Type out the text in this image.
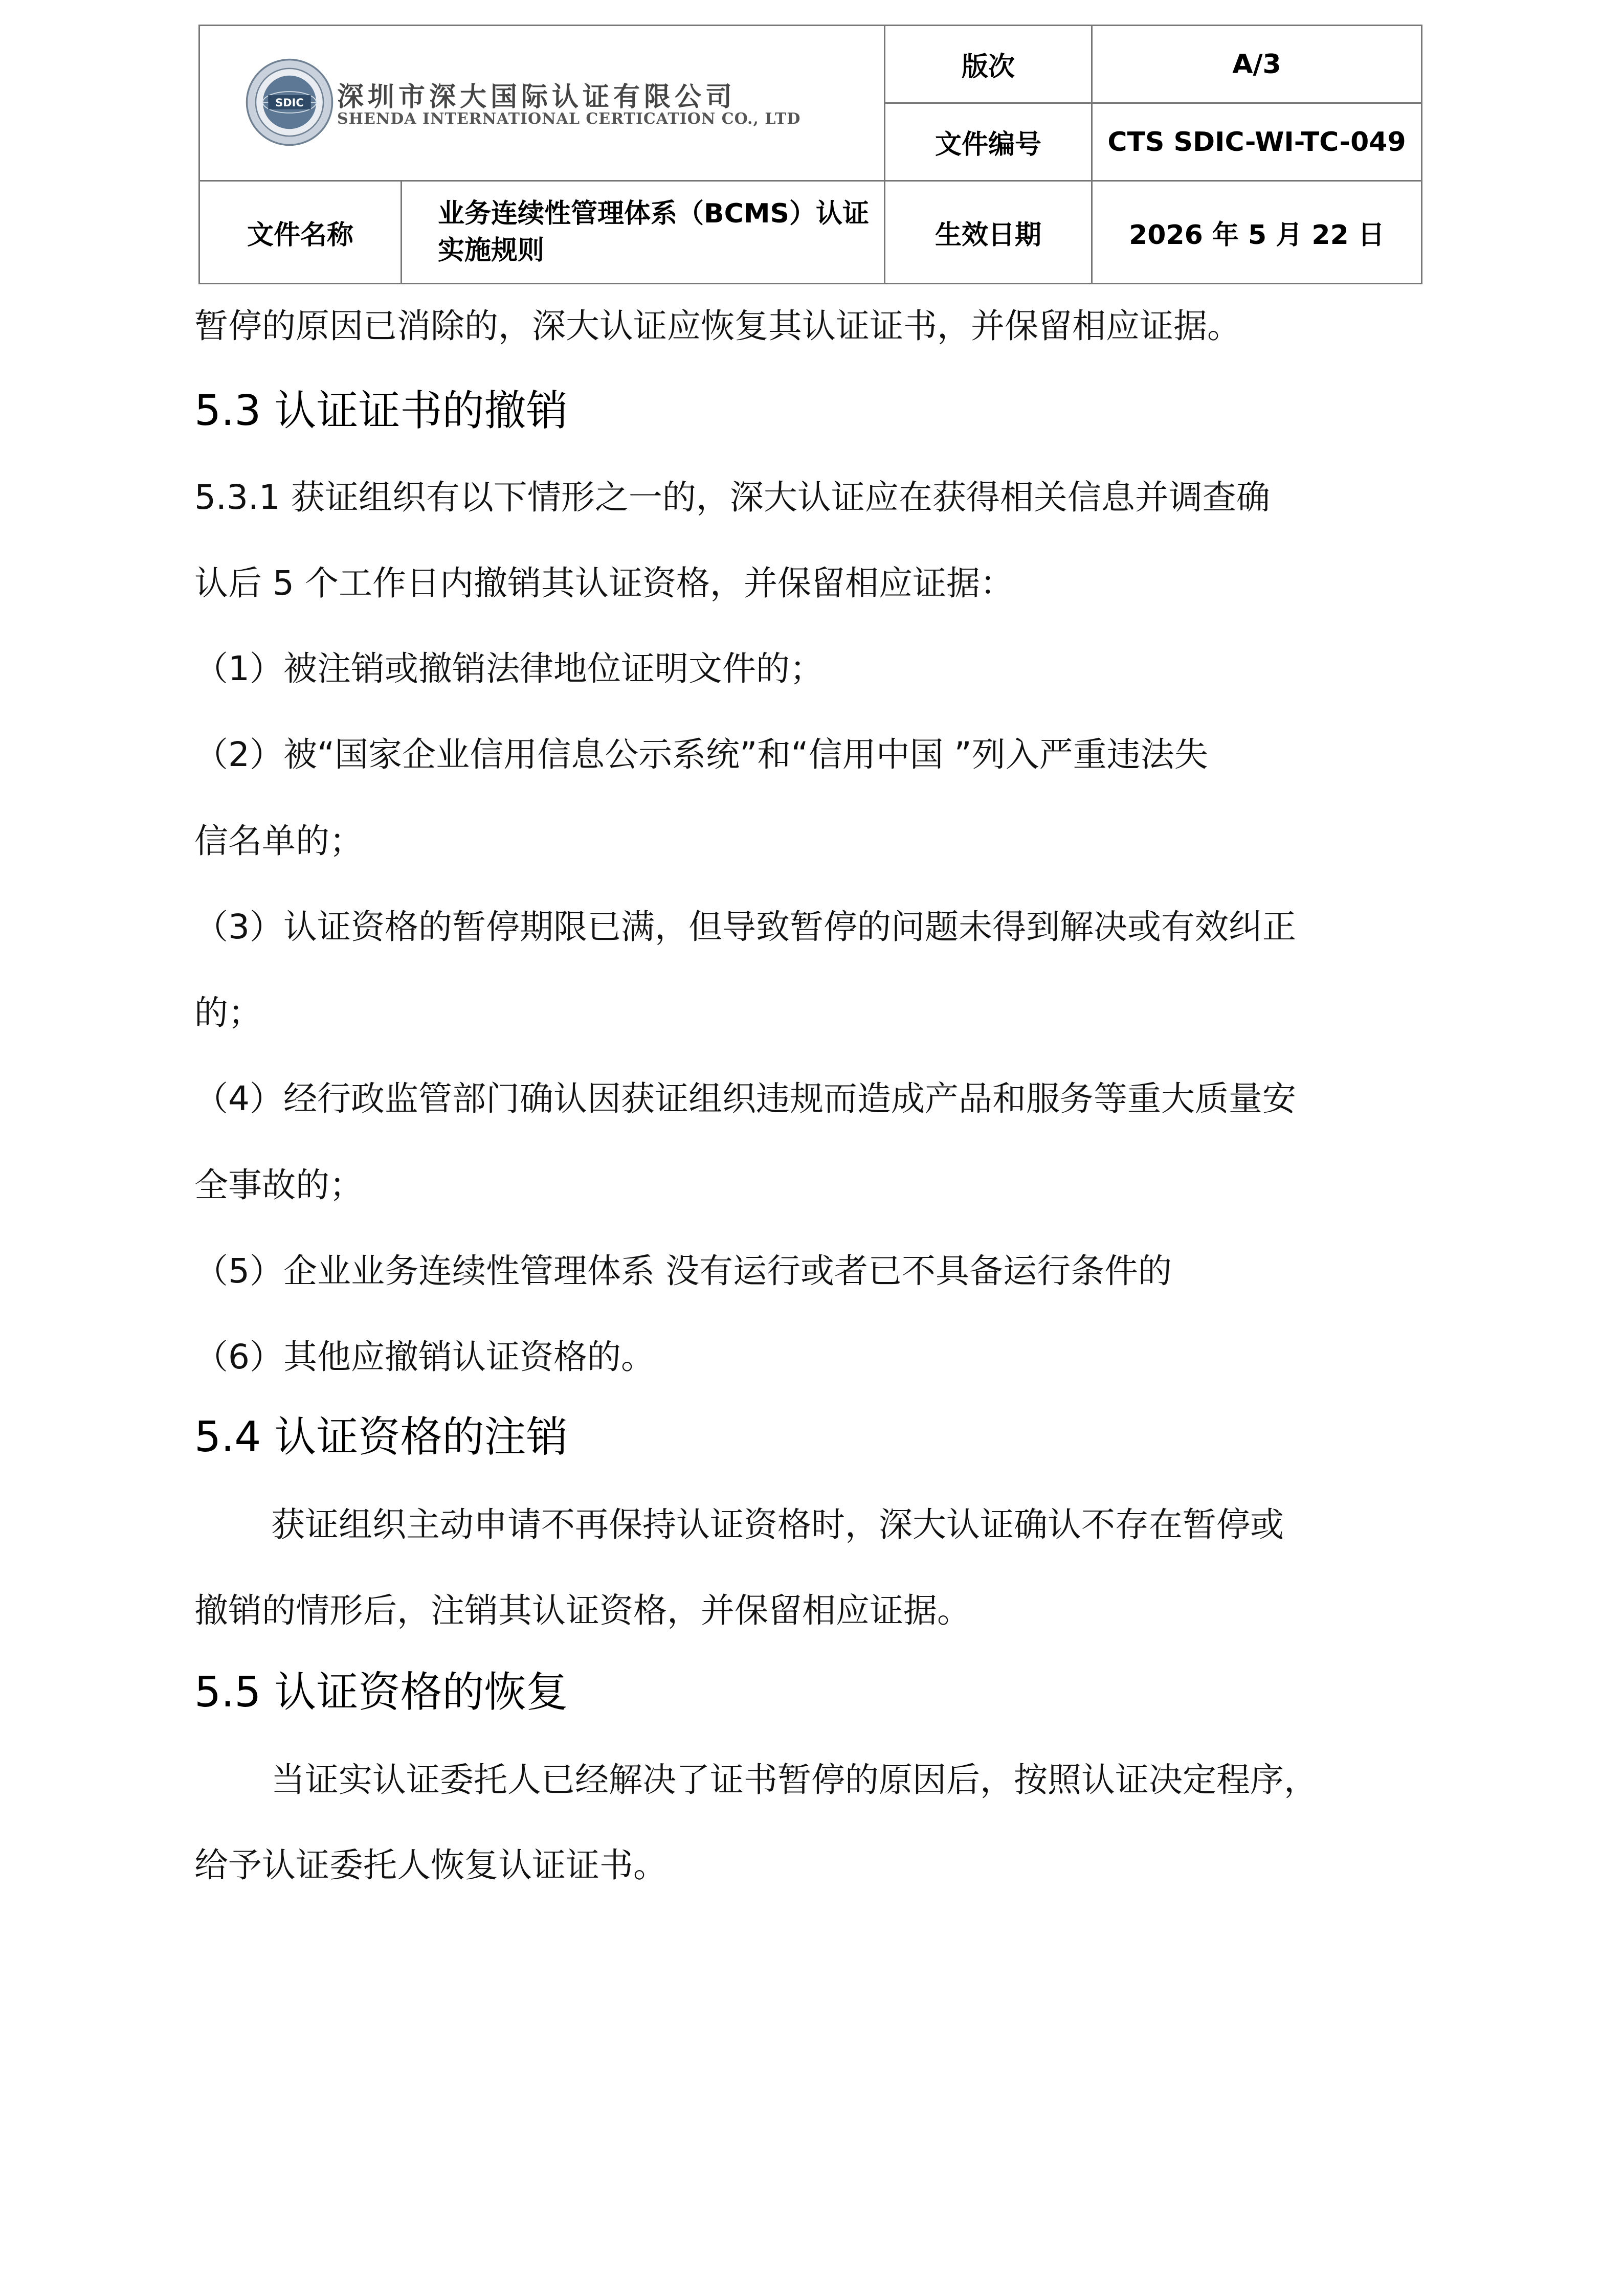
SDIC 深圳市深大国际认证有限公司
SHENDA INTERNATIONAL CERTICATION CO., LTD		版次	A/3
		文件编号	CTS SDIC-WI-TC-049
文件名称	业务连续性管理体系（BCMS）认证实施规则	生效日期	2026 年 5 月 22 日
暂停的原因已消除的，深大认证应恢复其认证证书，并保留相应证据。
5.3 认证证书的撤销
5.3.1 获证组织有以下情形之一的，深大认证应在获得相关信息并调查确
认后 5 个工作日内撤销其认证资格，并保留相应证据：
（1）被注销或撤销法律地位证明文件的；
（2）被“国家企业信用信息公示系统”和“信用中国 ”列入严重违法失
信名单的；
（3）认证资格的暂停期限已满，但导致暂停的问题未得到解决或有效纠正
的；
（4）经行政监管部门确认因获证组织违规而造成产品和服务等重大质量安
全事故的；
（5）企业业务连续性管理体系 没有运行或者已不具备运行条件的
（6）其他应撤销认证资格的。
5.4 认证资格的注销
获证组织主动申请不再保持认证资格时，深大认证确认不存在暂停或
撤销的情形后，注销其认证资格，并保留相应证据。
5.5 认证资格的恢复
当证实认证委托人已经解决了证书暂停的原因后，按照认证决定程序，
给予认证委托人恢复认证证书。
